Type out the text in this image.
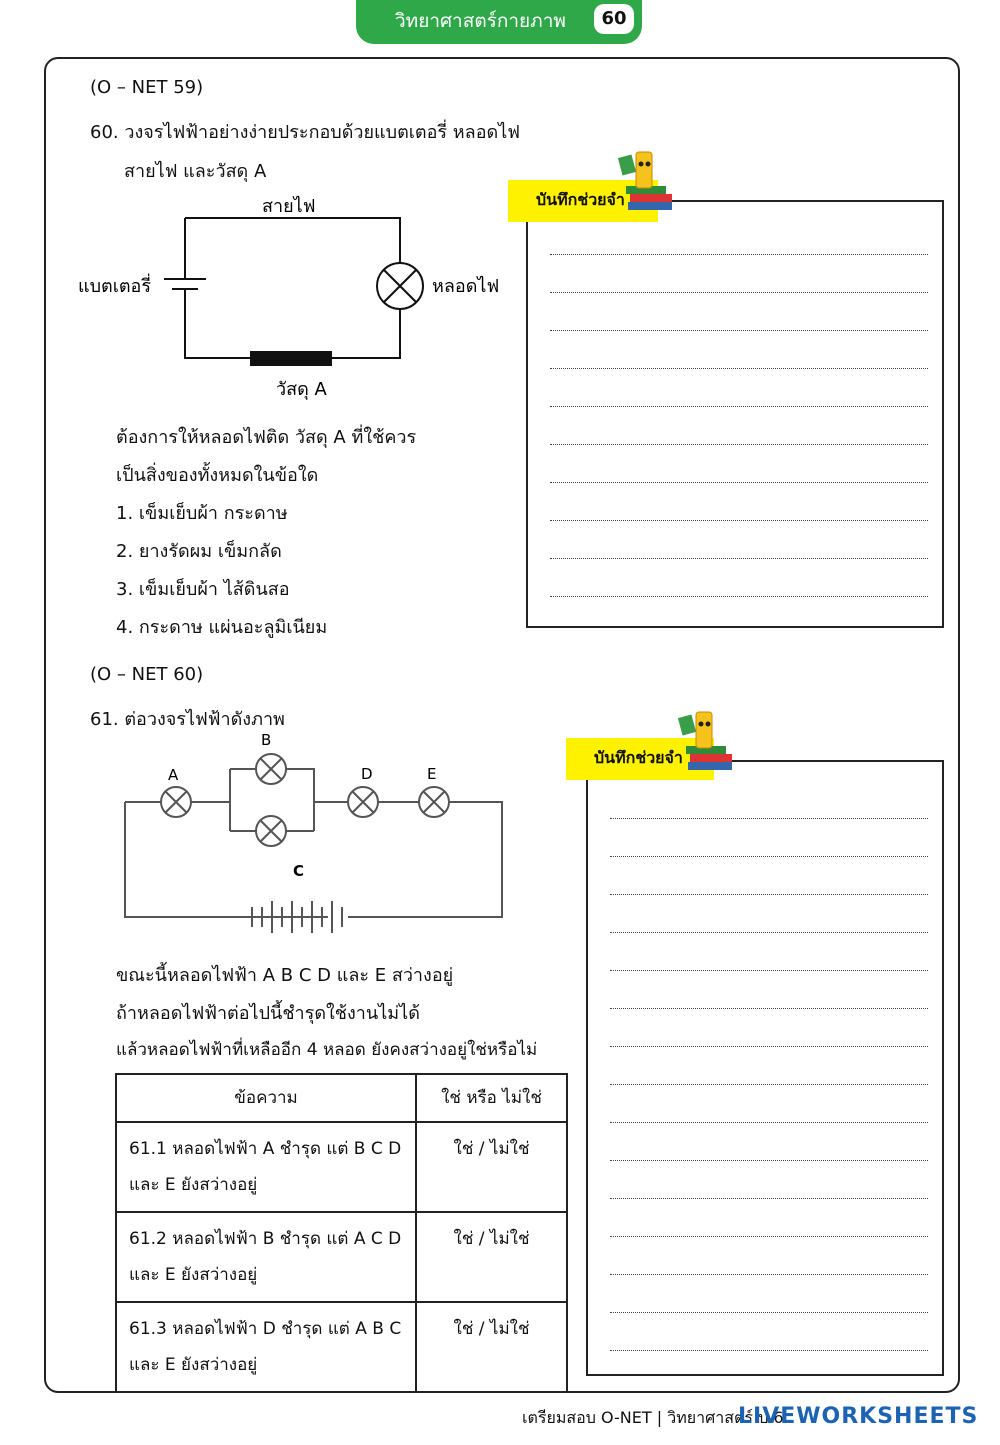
วิทยาศาสตร์กายภาพ	60
(O – NET 59)
60. วงจรไฟฟ้าอย่างง่ายประกอบด้วยแบตเตอรี่ หลอดไฟ
สายไฟ และวัสดุ A
สายไฟ
แบตเตอรี่	หลอดไฟ
วัสดุ A
ต้องการให้หลอดไฟติด วัสดุ A ที่ใช้ควร
เป็นสิ่งของทั้งหมดในข้อใด
1. เข็มเย็บผ้า กระดาษ
2. ยางรัดผม เข็มกลัด
3. เข็มเย็บผ้า ไส้ดินสอ
4. กระดาษ แผ่นอะลูมิเนียม
บันทึกช่วยจำ
(O – NET 60)
61. ต่อวงจรไฟฟ้าดังภาพ
A
B
C
D	E
ขณะนี้หลอดไฟฟ้า A B C D และ E สว่างอยู่
ถ้าหลอดไฟฟ้าต่อไปนี้ชำรุดใช้งานไม่ได้
แล้วหลอดไฟฟ้าที่เหลืออีก 4 หลอด ยังคงสว่างอยู่ใช่หรือไม่
ข้อความ	ใช่ หรือ ไม่ใช่

61.1 หลอดไฟฟ้า A ชำรุด แต่ B C D
และ E ยังสว่างอยู่	ใช่ / ไม่ใช่

61.2 หลอดไฟฟ้า B ชำรุด แต่ A C D
และ E ยังสว่างอยู่	ใช่ / ไม่ใช่

61.3 หลอดไฟฟ้า D ชำรุด แต่ A B C
และ E ยังสว่างอยู่	ใช่ / ไม่ใช่
บันทึกช่วยจำ
เตรียมสอบ O-NET | วิทยาศาสตร์ ป.6
LIVEWORKSHEETS
